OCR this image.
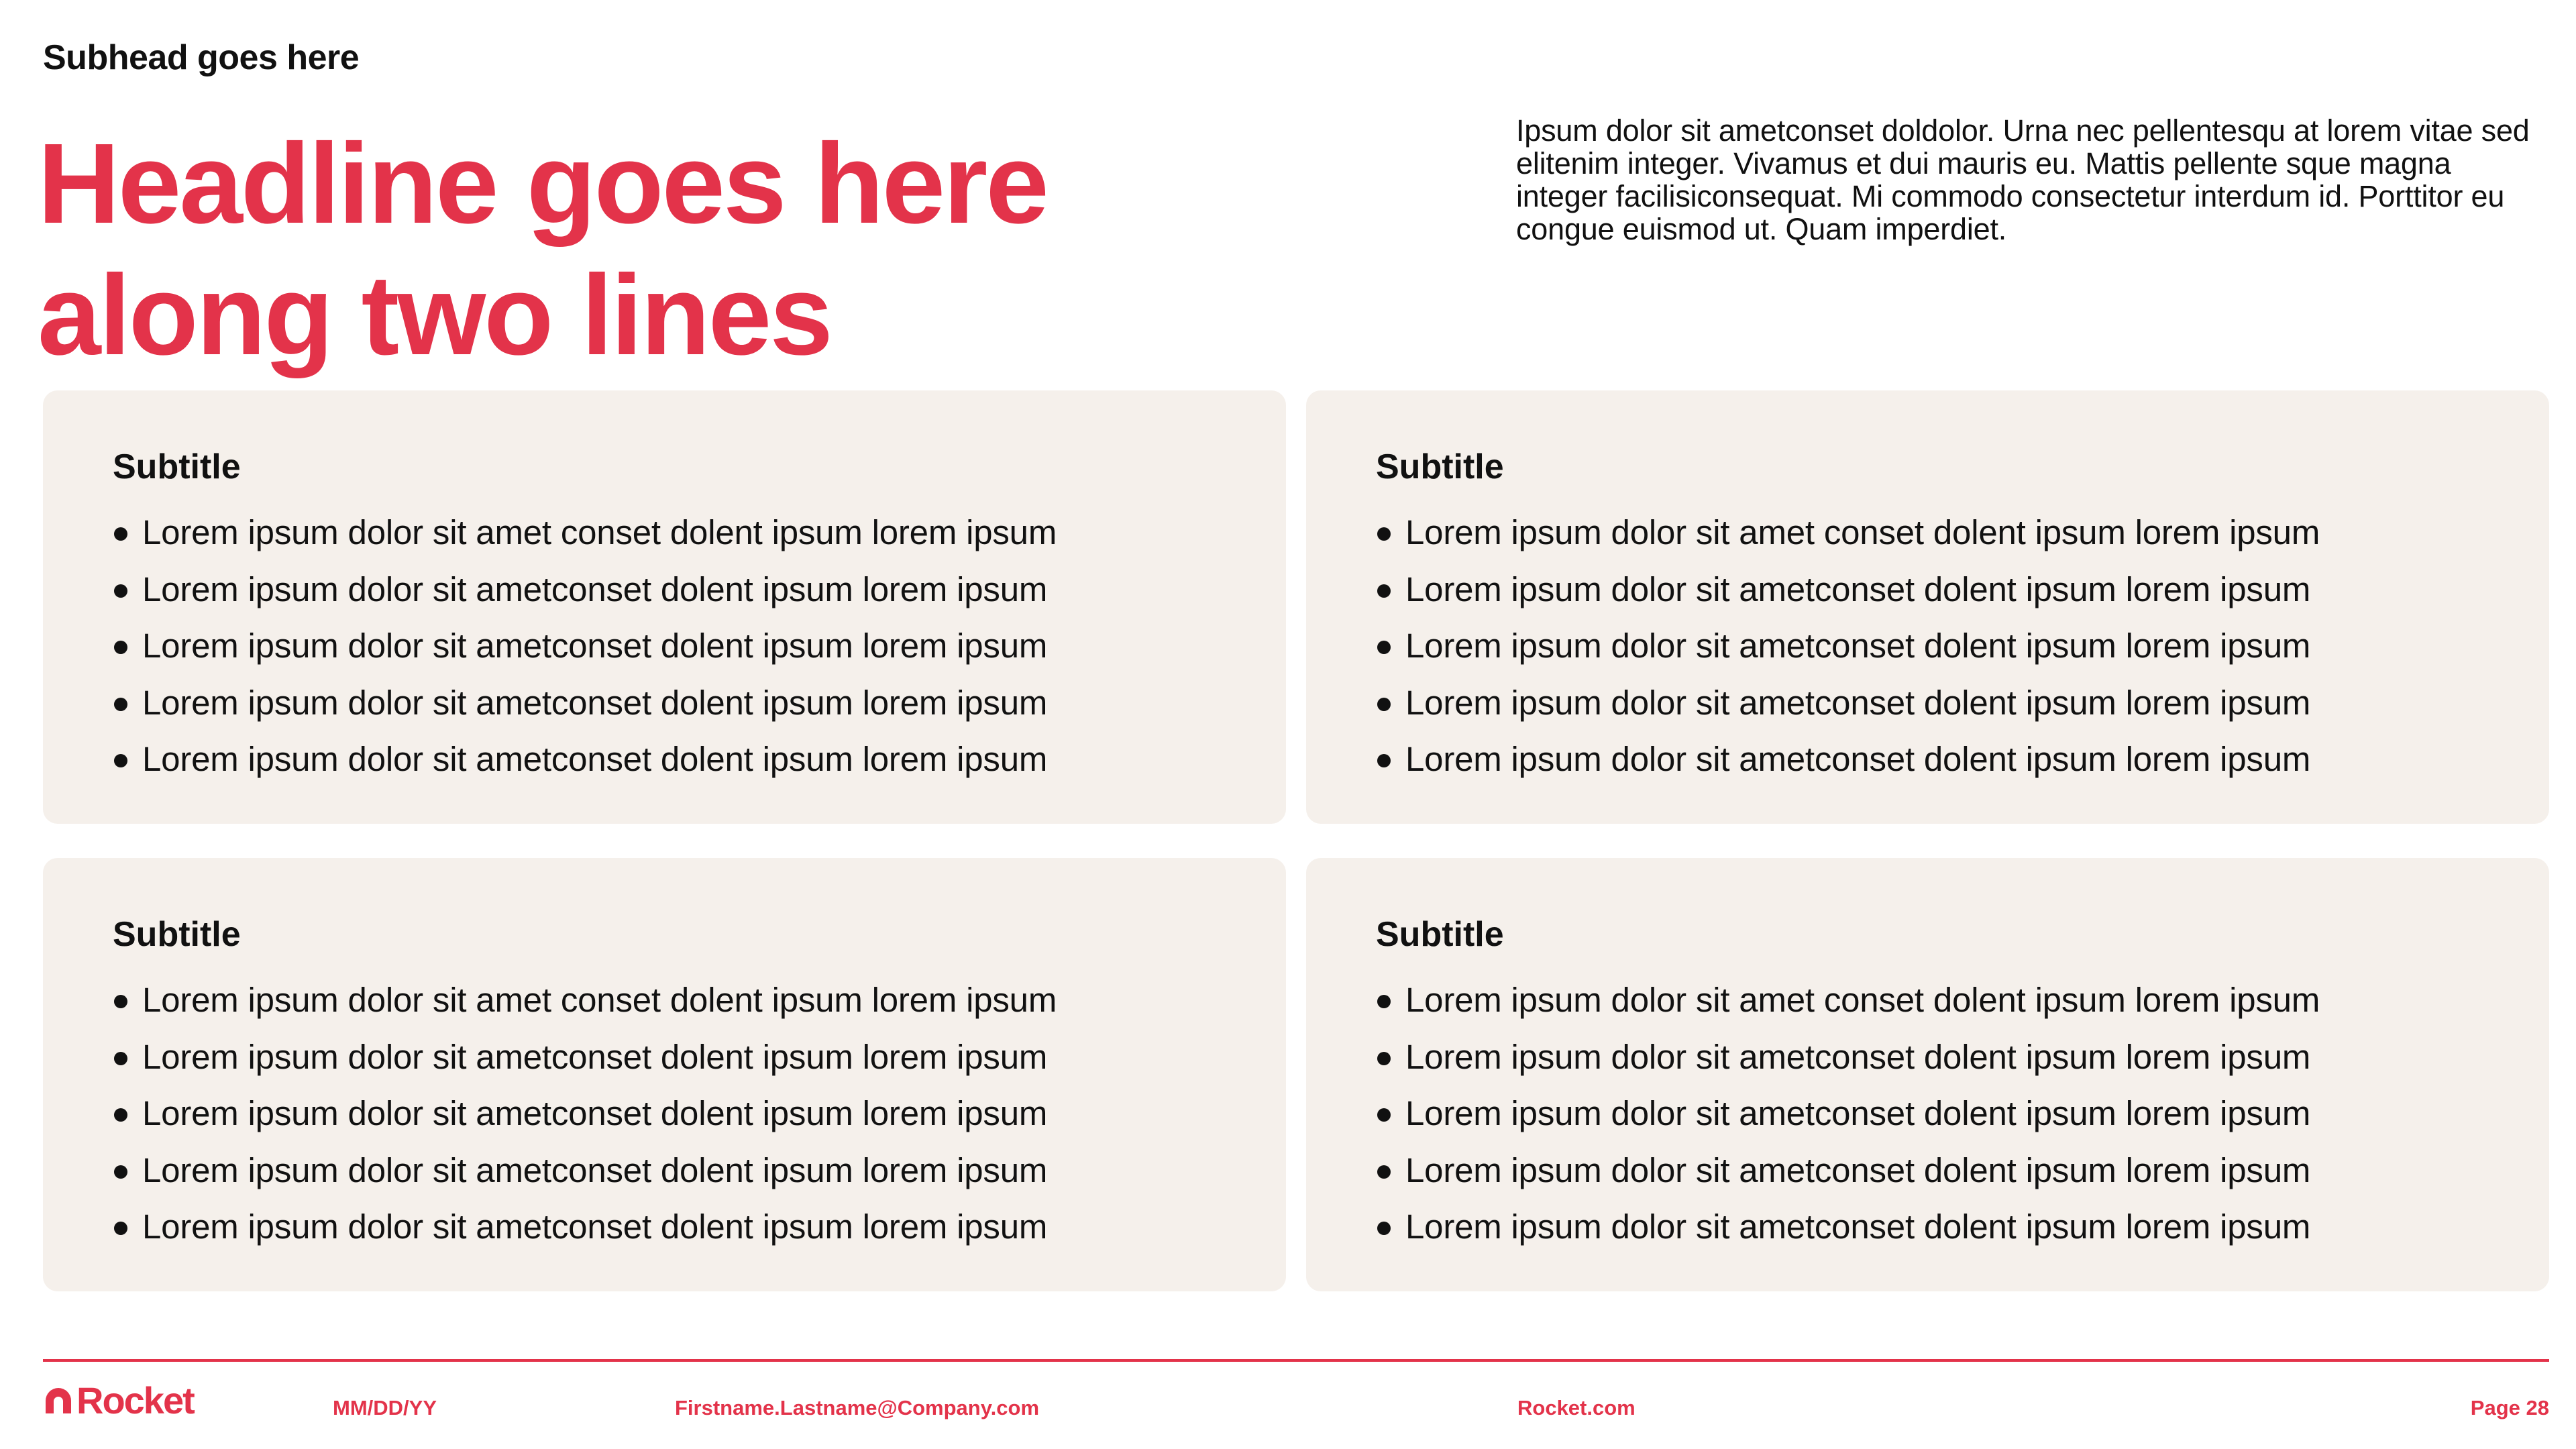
Subhead goes here
Headline goes here
along two lines
Ipsum dolor sit ametconset doldolor. Urna nec pellentesqu at lorem vitae sed elitenim integer. Vivamus et dui mauris eu. Mattis pellente sque magna integer facilisiconsequat. Mi commodo consectetur interdum id. Porttitor eu congue euismod ut. Quam imperdiet.
Subtitle
Lorem ipsum dolor sit amet conset dolent ipsum lorem ipsum
Lorem ipsum dolor sit ametconset dolent ipsum lorem ipsum
Lorem ipsum dolor sit ametconset dolent ipsum lorem ipsum
Lorem ipsum dolor sit ametconset dolent ipsum lorem ipsum
Lorem ipsum dolor sit ametconset dolent ipsum lorem ipsum
Subtitle
Lorem ipsum dolor sit amet conset dolent ipsum lorem ipsum
Lorem ipsum dolor sit ametconset dolent ipsum lorem ipsum
Lorem ipsum dolor sit ametconset dolent ipsum lorem ipsum
Lorem ipsum dolor sit ametconset dolent ipsum lorem ipsum
Lorem ipsum dolor sit ametconset dolent ipsum lorem ipsum
Subtitle
Lorem ipsum dolor sit amet conset dolent ipsum lorem ipsum
Lorem ipsum dolor sit ametconset dolent ipsum lorem ipsum
Lorem ipsum dolor sit ametconset dolent ipsum lorem ipsum
Lorem ipsum dolor sit ametconset dolent ipsum lorem ipsum
Lorem ipsum dolor sit ametconset dolent ipsum lorem ipsum
Subtitle
Lorem ipsum dolor sit amet conset dolent ipsum lorem ipsum
Lorem ipsum dolor sit ametconset dolent ipsum lorem ipsum
Lorem ipsum dolor sit ametconset dolent ipsum lorem ipsum
Lorem ipsum dolor sit ametconset dolent ipsum lorem ipsum
Lorem ipsum dolor sit ametconset dolent ipsum lorem ipsum
Rocket	MM/DD/YY	Firstname.Lastname@Company.com	Rocket.com	Page 28
